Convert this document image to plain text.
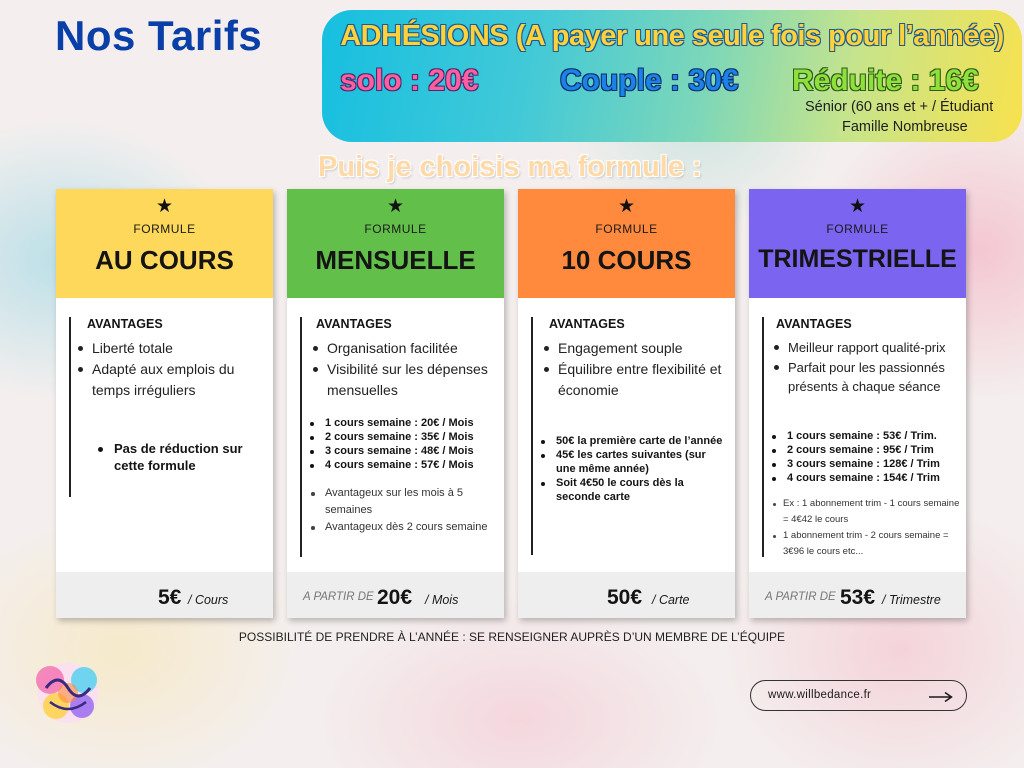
Nos Tarifs	ADHÉSIONS (A payer une seule fois pour l’année)
solo : 20€	Couple : 30€ Réduite : 16€
Sénior (60 ans et + / Étudiant
Famille Nombreuse
Puis je choisis ma formule :
★
FORMULE
AU COURS
AVANTAGES
Liberté totale
Adapté aux emplois du temps irréguliers
Pas de réduction sur cette formule
5€ / Cours
★
FORMULE
MENSUELLE
AVANTAGES
Organisation facilitée
Visibilité sur les dépenses mensuelles
1 cours semaine : 20€ / Mois
2 cours semaine : 35€ / Mois
3 cours semaine : 48€ / Mois
4 cours semaine : 57€ / Mois
Avantageux sur les mois à 5 semaines
Avantageux dès 2 cours semaine
A PARTIR DE 20€ / Mois
★
FORMULE
10 COURS
AVANTAGES
Engagement souple
Équilibre entre flexibilité et économie
50€ la première carte de l’année
45€ les cartes suivantes (sur une même année)
Soit 4€50 le cours dès la seconde carte
50€ / Carte
★
FORMULE
TRIMESTRIELLE
AVANTAGES
Meilleur rapport qualité-prix
Parfait pour les passionnés présents à chaque séance
1 cours semaine : 53€ / Trim.
2 cours semaine : 95€ / Trim
3 cours semaine : 128€ / Trim
4 cours semaine : 154€ / Trim
Ex : 1 abonnement trim - 1 cours semaine = 4€42 le cours
1 abonnement trim - 2 cours semaine = 3€96 le cours etc...
A PARTIR DE 53€ / Trimestre
POSSIBILITÉ DE PRENDRE À L’ANNÉE : SE RENSEIGNER AUPRÈS D’UN MEMBRE DE L’ÉQUIPE
www.willbedance.fr
